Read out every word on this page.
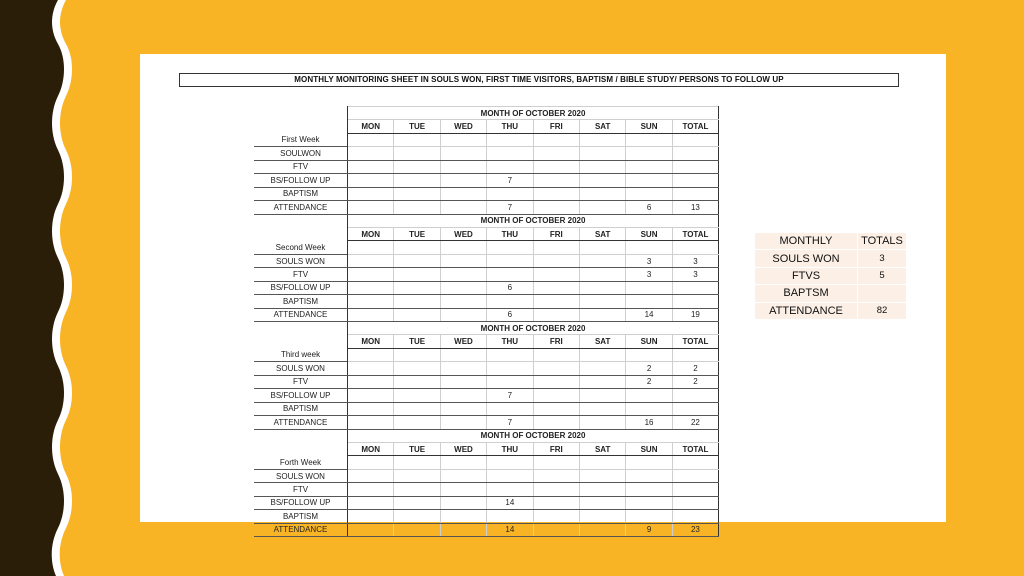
MONTHLY MONITORING SHEET IN SOULS WON, FIRST TIME VISITORS, BAPTISM / BIBLE STUDY/ PERSONS TO FOLLOW UP
	MONTH OF OCTOBER 2020							
	MON	TUE	WED	THU	FRI	SAT	SUN	TOTAL
First Week								
SOULWON								
FTV								
BS/FOLLOW UP				7				
BAPTISM								
ATTENDANCE				7			6	13
	MONTH OF OCTOBER 2020							
	MON	TUE	WED	THU	FRI	SAT	SUN	TOTAL
Second Week								
SOULS WON							3	3
FTV							3	3
BS/FOLLOW UP				6				
BAPTISM								
ATTENDANCE				6			14	19
	MONTH OF OCTOBER 2020							
	MON	TUE	WED	THU	FRI	SAT	SUN	TOTAL
Third week								
SOULS WON							2	2
FTV							2	2
BS/FOLLOW UP				7				
BAPTISM								
ATTENDANCE				7			16	22
	MONTH OF OCTOBER 2020							
	MON	TUE	WED	THU	FRI	SAT	SUN	TOTAL
Forth Week								
SOULS WON								
FTV								
BS/FOLLOW UP				14				
BAPTISM								
ATTENDANCE				14			9	23
MONTHLY	TOTALS
SOULS WON	3
FTVS	5
BAPTSM	
ATTENDANCE	82
